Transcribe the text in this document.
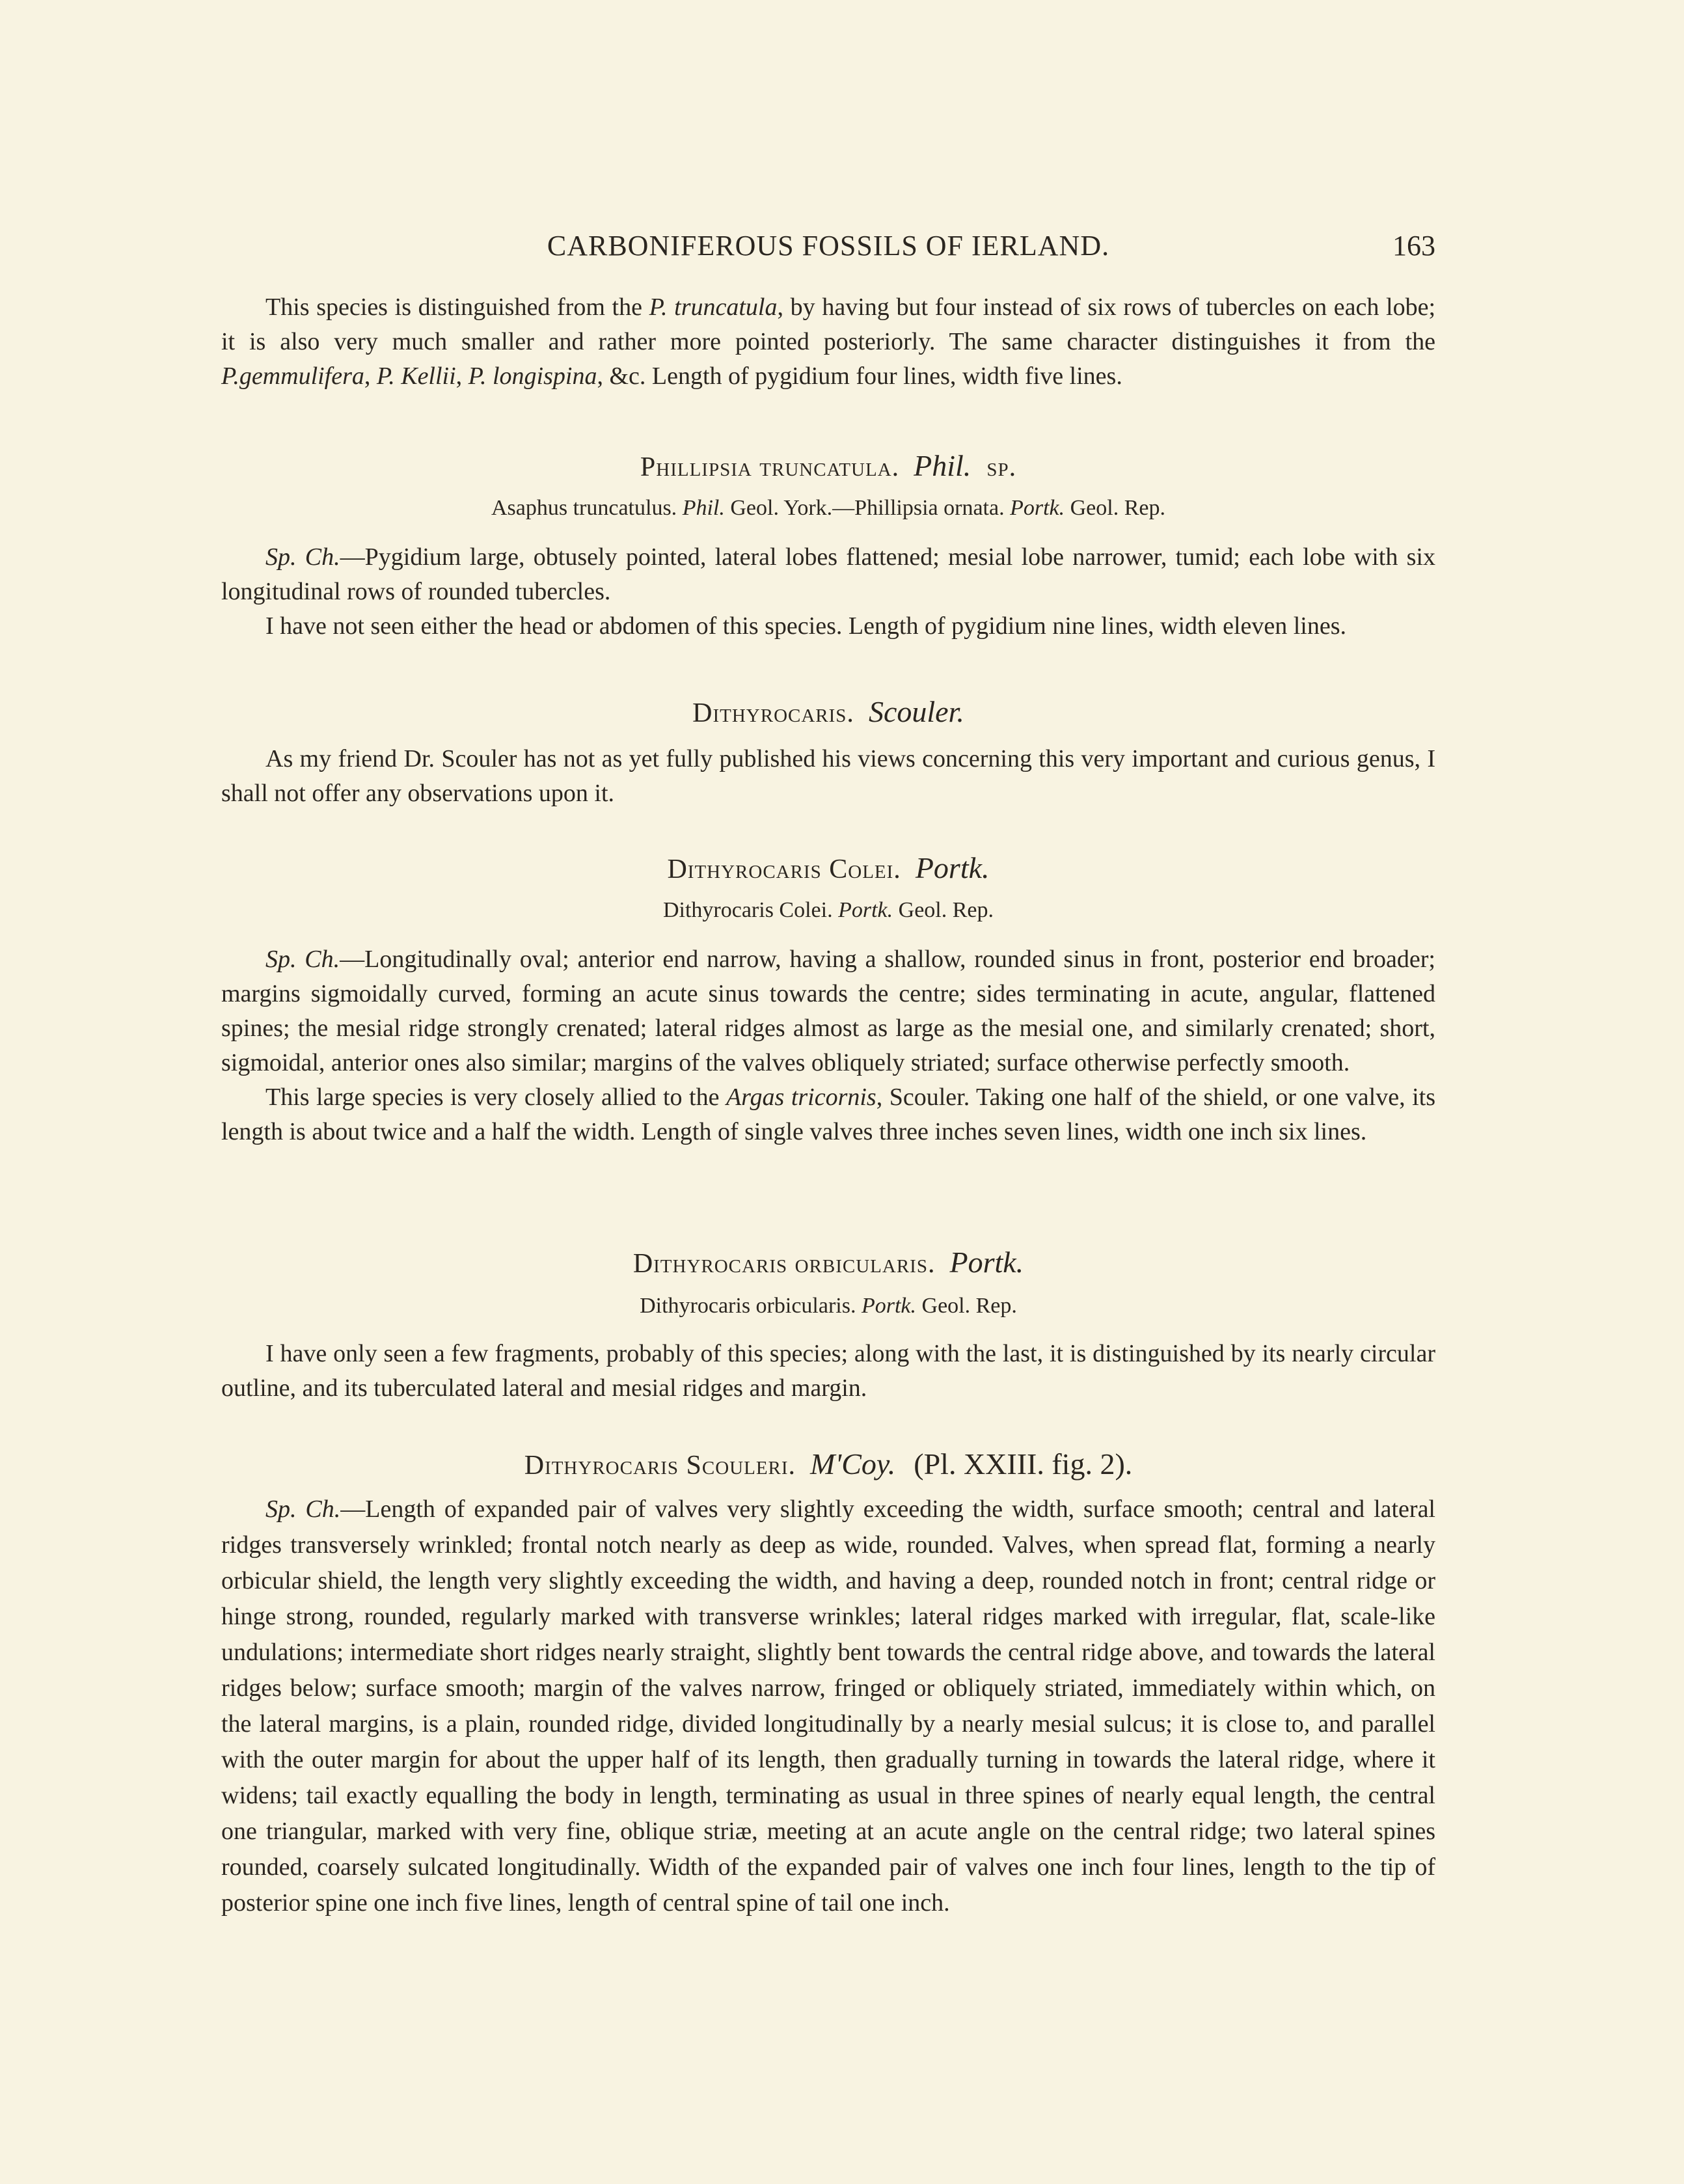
CARBONIFEROUS FOSSILS OF IERLAND.	163

This species is distinguished from the P. truncatula, by having but four instead of six rows of tubercles on each lobe; it is also very much smaller and rather more pointed posteriorly. The same character distinguishes it from the P.gemmulifera, P. Kellii, P. longispina, &c. Length of pygidium four lines, width five lines.

Phillipsia truncatula. Phil. sp.
Asaphus truncatulus. Phil. Geol. York.—Phillipsia ornata. Portk. Geol. Rep.

Sp. Ch.—Pygidium large, obtusely pointed, lateral lobes flattened; mesial lobe narrower, tumid; each lobe with six longitudinal rows of rounded tubercles.

I have not seen either the head or abdomen of this species. Length of pygidium nine lines, width eleven lines.

Dithyrocaris. Scouler.

As my friend Dr. Scouler has not as yet fully published his views concerning this very important and curious genus, I shall not offer any observations upon it.

Dithyrocaris Colei. Portk.
Dithyrocaris Colei. Portk. Geol. Rep.

Sp. Ch.—Longitudinally oval; anterior end narrow, having a shallow, rounded sinus in front, posterior end broader; margins sigmoidally curved, forming an acute sinus towards the centre; sides terminating in acute, angular, flattened spines; the mesial ridge strongly crenated; lateral ridges almost as large as the mesial one, and similarly crenated; short, sigmoidal, anterior ones also similar; margins of the valves obliquely striated; surface otherwise perfectly smooth.

This large species is very closely allied to the Argas tricornis, Scouler. Taking one half of the shield, or one valve, its length is about twice and a half the width. Length of single valves three inches seven lines, width one inch six lines.

Dithyrocaris orbicularis. Portk.
Dithyrocaris orbicularis. Portk. Geol. Rep.

I have only seen a few fragments, probably of this species; along with the last, it is distinguished by its nearly circular outline, and its tuberculated lateral and mesial ridges and margin.

Dithyrocaris Scouleri. M'Coy. (Pl. XXIII. fig. 2).

Sp. Ch.—Length of expanded pair of valves very slightly exceeding the width, surface smooth; central and lateral ridges transversely wrinkled; frontal notch nearly as deep as wide, rounded. Valves, when spread flat, forming a nearly orbicular shield, the length very slightly exceeding the width, and having a deep, rounded notch in front; central ridge or hinge strong, rounded, regularly marked with transverse wrinkles; lateral ridges marked with irregular, flat, scale-like undulations; intermediate short ridges nearly straight, slightly bent towards the central ridge above, and towards the lateral ridges below; surface smooth; margin of the valves narrow, fringed or obliquely striated, immediately within which, on the lateral margins, is a plain, rounded ridge, divided longitudinally by a nearly mesial sulcus; it is close to, and parallel with the outer margin for about the upper half of its length, then gradually turning in towards the lateral ridge, where it widens; tail exactly equalling the body in length, terminating as usual in three spines of nearly equal length, the central one triangular, marked with very fine, oblique striæ, meeting at an acute angle on the central ridge; two lateral spines rounded, coarsely sulcated longitudinally. Width of the expanded pair of valves one inch four lines, length to the tip of posterior spine one inch five lines, length of central spine of tail one inch.
